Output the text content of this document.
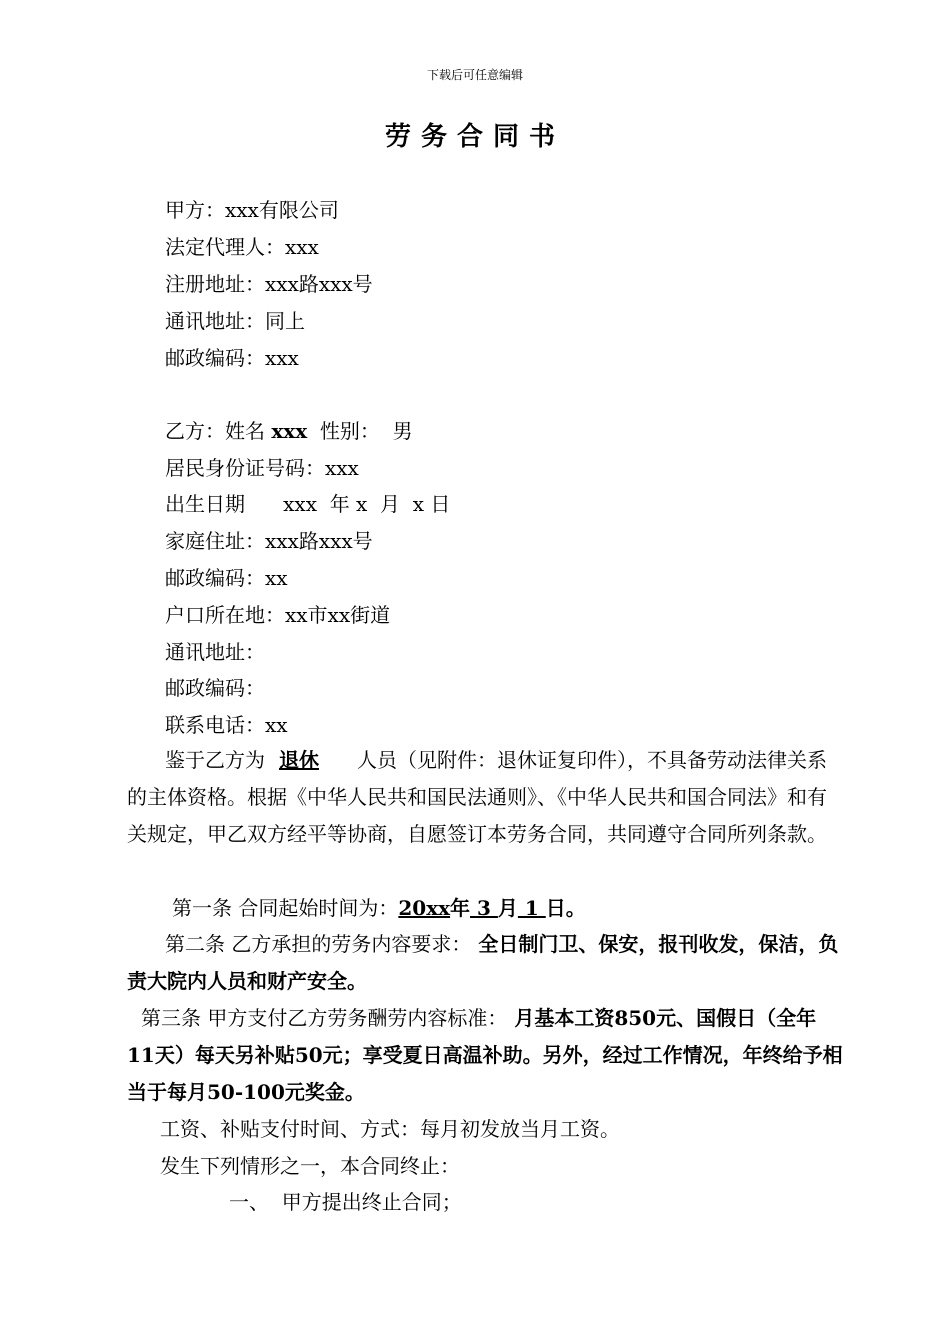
下载后可任意编辑
劳务合同书
甲方：xxx有限公司
法定代理人：xxx
注册地址：xxx路xxx号
通讯地址：同上
邮政编码：xxx
乙方：姓名 xxx  性别：  男
居民身份证号码：xxx
出生日期      xxx  年 x  月  x 日
家庭住址：xxx路xxx号
邮政编码：xx
户口所在地：xx市xx街道
通讯地址：
邮政编码：
联系电话：xx
鉴于乙方为 退休 人员（见附件：退休证复印件），不具备劳动法律关系的主体资格。根据《中华人民共和国民法通则》、《中华人民共和国合同法》和有关规定，甲乙双方经平等协商，自愿签订本劳务合同，共同遵守合同所列条款。
第一条 合同起始时间为：20xx年 3 月 1 日。
第二条 乙方承担的劳务内容要求： 全日制门卫、保安，报刊收发，保洁，负责大院内人员和财产安全。
第三条 甲方支付乙方劳务酬劳内容标准： 月基本工资850元、国假日（全年11天）每天另补贴50元；享受夏日高温补助。另外，经过工作情况，年终给予相当于每月50-100元奖金。
工资、补贴支付时间、方式：每月初发放当月工资。
发生下列情形之一，本合同终止：
一、  甲方提出终止合同；
